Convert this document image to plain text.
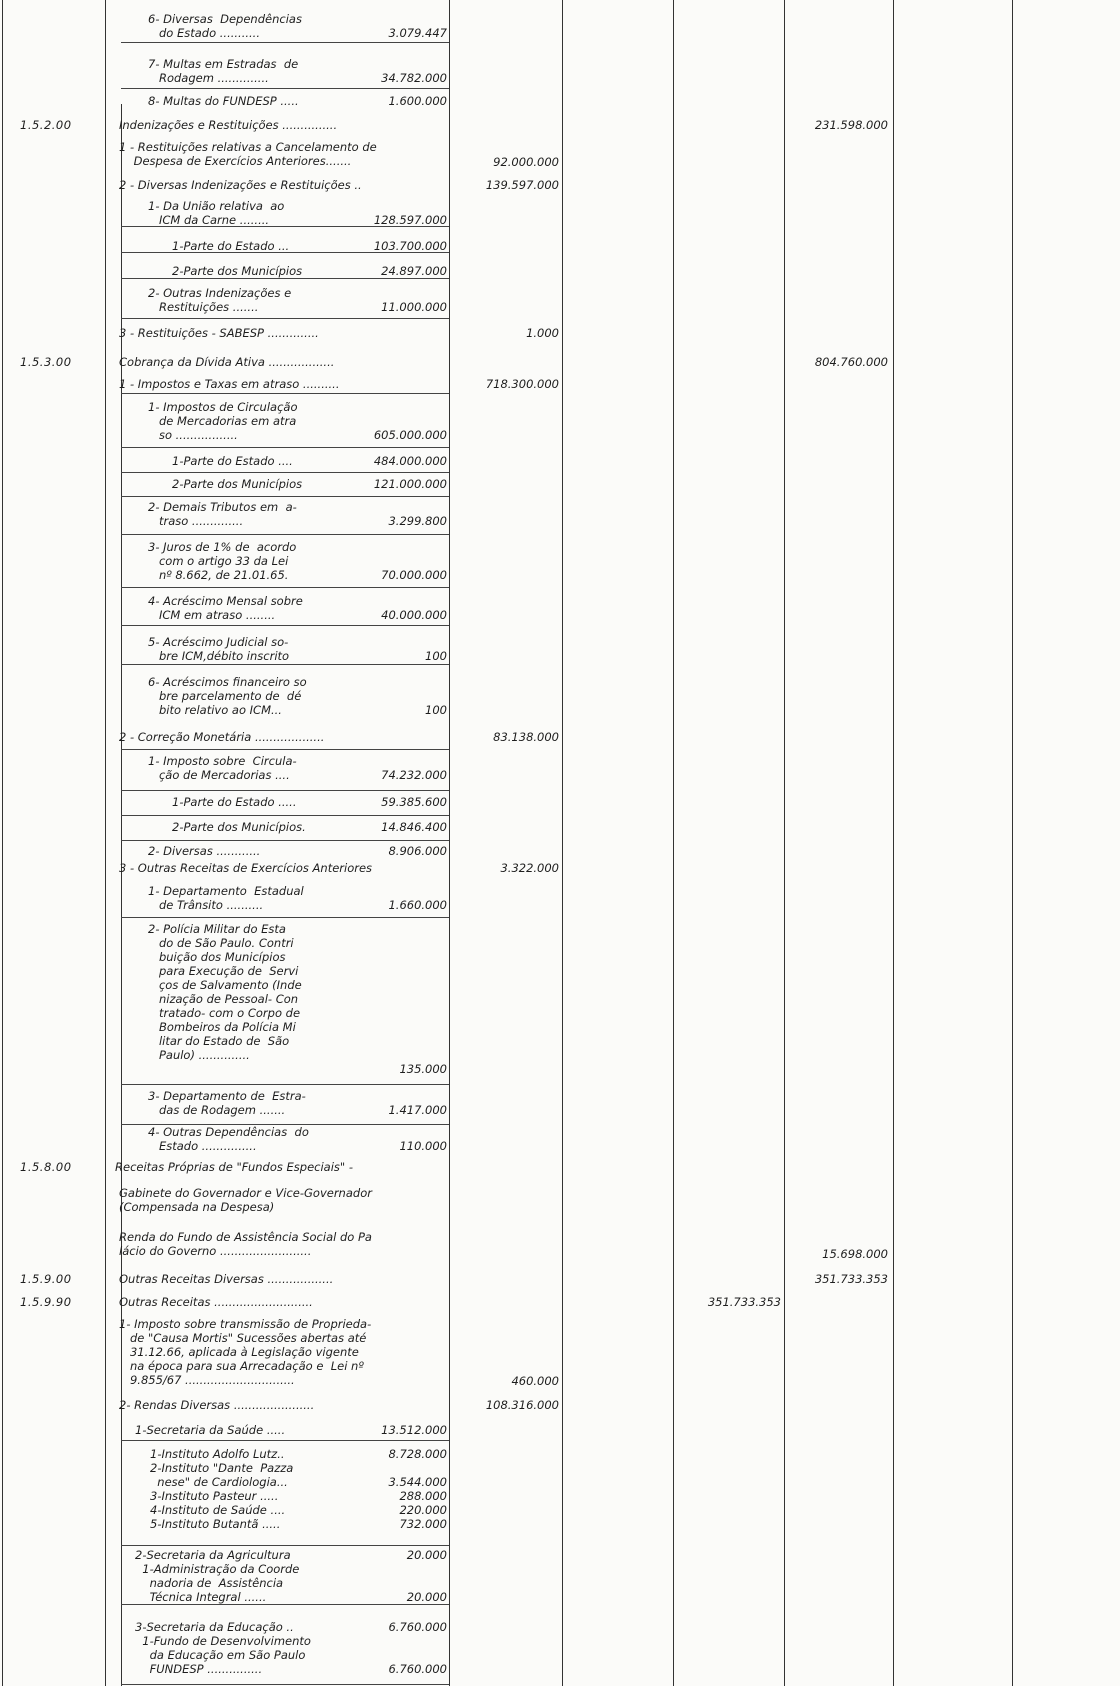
1.5.2.00
1.5.3.00
1.5.8.00
1.5.9.00
1.5.9.90
6- Diversas  Dependências
do Estado ...........
7- Multas em Estradas  de
Rodagem ..............
8- Multas do FUNDESP .....
Indenizações e Restituições ...............
1 - Restituições relativas a Cancelamento de
Despesa de Exercícios Anteriores.......
2 - Diversas Indenizações e Restituições ..
1- Da União relativa  ao
ICM da Carne ........
1-Parte do Estado ...
2-Parte dos Municípios
2- Outras Indenizações e
Restituições .......
3 - Restituições - SABESP ..............
Cobrança da Dívida Ativa ..................
1 - Impostos e Taxas em atraso ..........
1- Impostos de Circulação
de Mercadorias em atra
so .................
1-Parte do Estado ....
2-Parte dos Municípios
2- Demais Tributos em  a-
traso ..............
3- Juros de 1% de  acordo
com o artigo 33 da Lei
nº 8.662, de 21.01.65.
4- Acréscimo Mensal sobre
ICM em atraso ........
5- Acréscimo Judicial so-
bre ICM,débito inscrito
6- Acréscimos financeiro so
bre parcelamento de  dé
bito relativo ao ICM...
2 - Correção Monetária ...................
1- Imposto sobre  Circula-
ção de Mercadorias ....
1-Parte do Estado .....
2-Parte dos Municípios.
2- Diversas ............
3 - Outras Receitas de Exercícios Anteriores
1- Departamento  Estadual
de Trânsito ..........
2- Polícia Militar do Esta
do de São Paulo. Contri
buição dos Municípios
para Execução de  Servi
ços de Salvamento (Inde
nização de Pessoal- Con
tratado- com o Corpo de
Bombeiros da Polícia Mi
litar do Estado de  São
Paulo) ..............
3- Departamento de  Estra-
das de Rodagem .......
4- Outras Dependências  do
Estado ...............
Receitas Próprias de "Fundos Especiais" -
Gabinete do Governador e Vice-Governador
(Compensada na Despesa)
Renda do Fundo de Assistência Social do Pa
lácio do Governo .........................
Outras Receitas Diversas ..................
Outras Receitas ...........................
1- Imposto sobre transmissão de Proprieda-
de "Causa Mortis" Sucessões abertas até
31.12.66, aplicada à Legislação vigente
na época para sua Arrecadação e  Lei nº
9.855/67 ..............................
2- Rendas Diversas ......................
1-Secretaria da Saúde .....
1-Instituto Adolfo Lutz..
2-Instituto "Dante  Pazza
nese" de Cardiologia...
3-Instituto Pasteur .....
4-Instituto de Saúde ....
5-Instituto Butantã .....
2-Secretaria da Agricultura
1-Administração da Coorde
nadoria de  Assistência
Técnica Integral ......
3-Secretaria da Educação ..
1-Fundo de Desenvolvimento
da Educação em São Paulo
FUNDESP ...............
3.079.447
34.782.000
1.600.000
128.597.000
103.700.000
24.897.000
11.000.000
605.000.000
484.000.000
121.000.000
3.299.800
70.000.000
40.000.000
100
100
74.232.000
59.385.600
14.846.400
8.906.000
1.660.000
135.000
1.417.000
110.000
13.512.000
8.728.000

3.544.000
288.000
220.000
732.000
20.000

20.000
6.760.000

6.760.000
92.000.000
139.597.000
1.000
718.300.000
83.138.000
3.322.000
460.000
108.316.000
351.733.353
231.598.000
804.760.000
15.698.000
351.733.353
